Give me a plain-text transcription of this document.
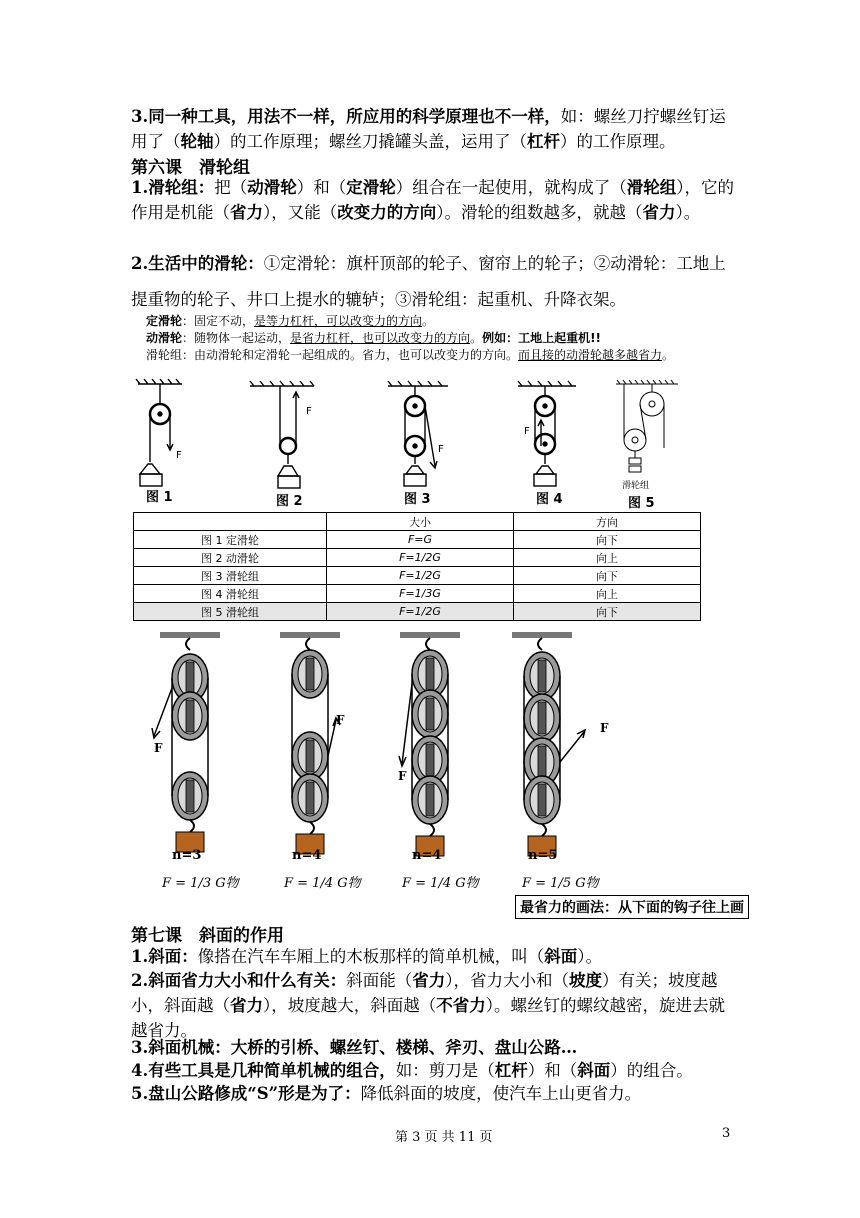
3.同一种工具，用法不一样，所应用的科学原理也不一样，如：螺丝刀拧螺丝钉运用了（轮轴）的工作原理；螺丝刀撬罐头盖，运用了（杠杆）的工作原理。
第六课　滑轮组
1.滑轮组：把（动滑轮）和（定滑轮）组合在一起使用，就构成了（滑轮组），它的作用是机能（省力），又能（改变力的方向）。滑轮的组数越多，就越（省力）。
2.生活中的滑轮：①定滑轮：旗杆顶部的轮子、窗帘上的轮子；②动滑轮：工地上提重物的轮子、井口上提水的辘轳；③滑轮组：起重机、升降衣架。
定滑轮：固定不动，是等力杠杆，可以改变力的方向。
动滑轮：随物体一起运动，是省力杠杆，也可以改变力的方向。例如：工地上起重机!!
滑轮组：由动滑轮和定滑轮一起组成的。省力，也可以改变力的方向。而且接的动滑轮越多越省力。
F
F
F
F
滑轮组
图 1	图 2	图 3	图 4	图 5
	大小	方向
图 1 定滑轮	F=G	向下
图 2 动滑轮	F=1/2G	向上
图 3 滑轮组	F=1/2G	向下
图 4 滑轮组	F=1/3G	向上
图 5 滑轮组	F=1/2G	向下
F
F
F
F
n=3	n=4	n=4	n=5
F = 1/3 G物	F = 1/4 G物	F = 1/4 G物	F = 1/5 G物
最省力的画法：从下面的钩子往上画
第七课　斜面的作用
1.斜面：像搭在汽车车厢上的木板那样的简单机械，叫（斜面）。
2.斜面省力大小和什么有关：斜面能（省力），省力大小和（坡度）有关；坡度越小，斜面越（省力），坡度越大，斜面越（不省力）。螺丝钉的螺纹越密，旋进去就越省力。
3.斜面机械：大桥的引桥、螺丝钉、楼梯、斧刃、盘山公路…
4.有些工具是几种简单机械的组合，如：剪刀是（杠杆）和（斜面）的组合。
5.盘山公路修成“S”形是为了：降低斜面的坡度，使汽车上山更省力。
第 3 页 共 11 页	3
